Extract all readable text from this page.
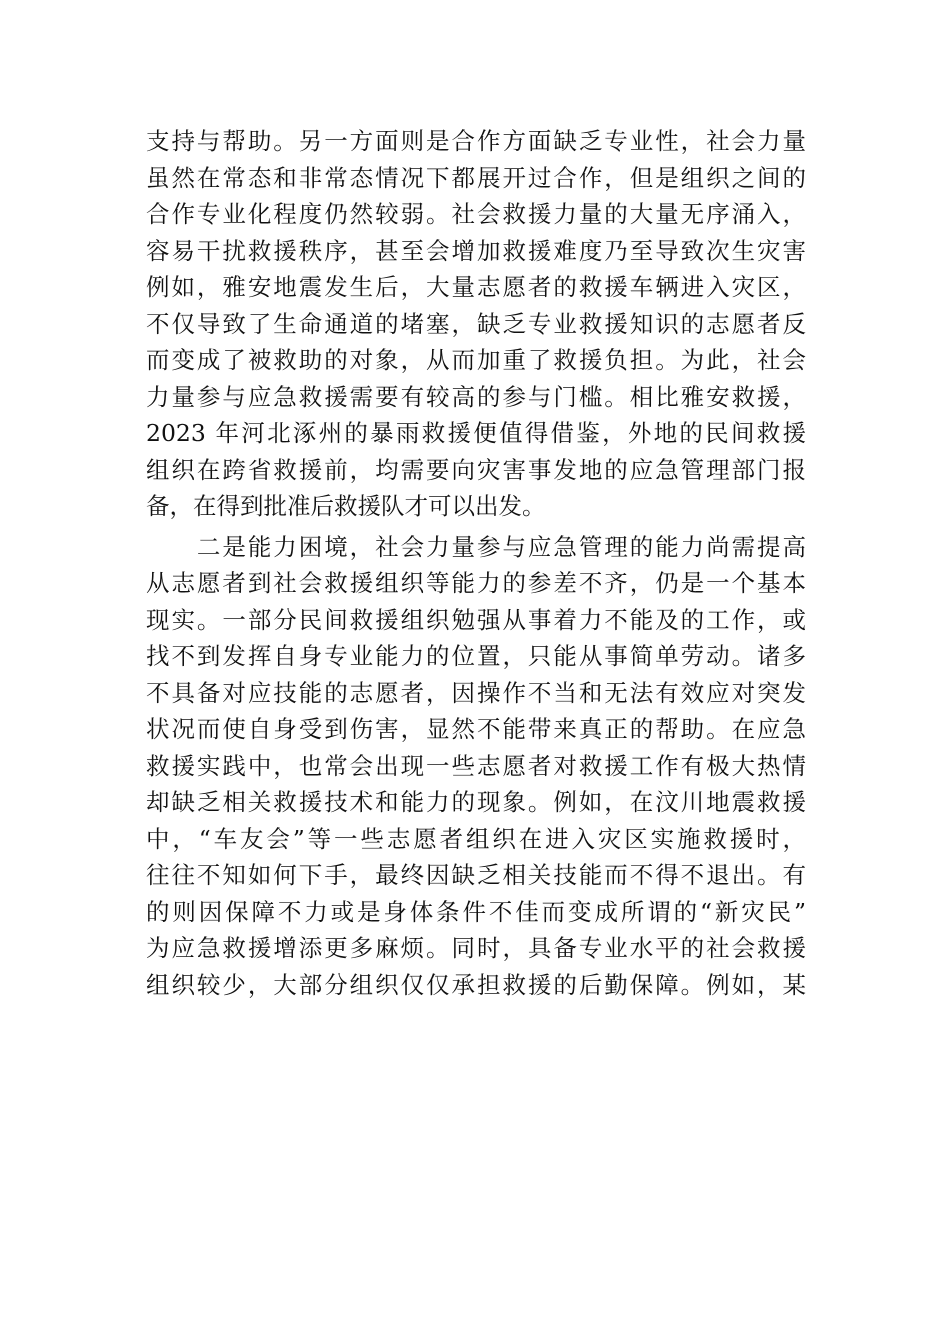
支持与帮助。另一方面则是合作方面缺乏专业性，社会力量
虽然在常态和非常态情况下都展开过合作，但是组织之间的
合作专业化程度仍然较弱。社会救援力量的大量无序涌入，
容易干扰救援秩序，甚至会增加救援难度乃至导致次生灾害
例如，雅安地震发生后，大量志愿者的救援车辆进入灾区，
不仅导致了生命通道的堵塞，缺乏专业救援知识的志愿者反
而变成了被救助的对象，从而加重了救援负担。为此，社会
力量参与应急救援需要有较高的参与门槛。相比雅安救援，
2023 年河北涿州的暴雨救援便值得借鉴，外地的民间救援
组织在跨省救援前，均需要向灾害事发地的应急管理部门报
备，在得到批准后救援队才可以出发。
　　二是能力困境，社会力量参与应急管理的能力尚需提高
从志愿者到社会救援组织等能力的参差不齐，仍是一个基本
现实。一部分民间救援组织勉强从事着力不能及的工作，或
找不到发挥自身专业能力的位置，只能从事简单劳动。诸多
不具备对应技能的志愿者，因操作不当和无法有效应对突发
状况而使自身受到伤害，显然不能带来真正的帮助。在应急
救援实践中，也常会出现一些志愿者对救援工作有极大热情
却缺乏相关救援技术和能力的现象。例如，在汶川地震救援
中，“车友会”等一些志愿者组织在进入灾区实施救援时，
往往不知如何下手，最终因缺乏相关技能而不得不退出。有
的则因保障不力或是身体条件不佳而变成所谓的“新灾民”
为应急救援增添更多麻烦。同时，具备专业水平的社会救援
组织较少，大部分组织仅仅承担救援的后勤保障。例如，某
